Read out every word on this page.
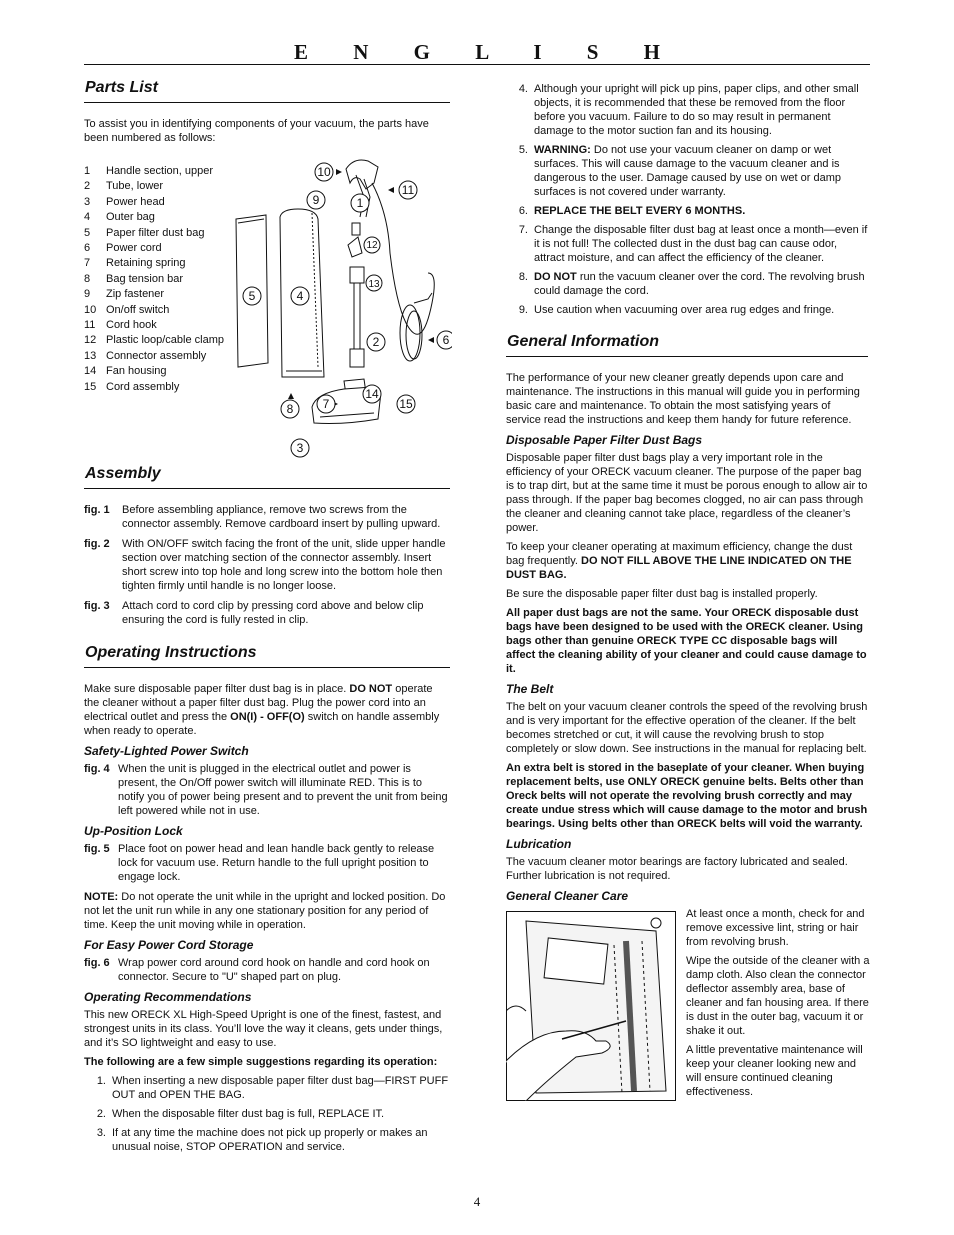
E N G L I S H
Parts List

To assist you in identifying components of your vacuum, the parts have been numbered as follows:

1	Handle section, upper
2	Tube, lower
3	Power head
4	Outer bag
5	Paper filter dust bag
6	Power cord
7	Retaining spring
8	Bag tension bar
9	Zip fastener
10 On/off switch
11 Cord hook
12 Plastic loop/cable clamp
13 Connector assembly
14 Fan housing
15 Cord assembly
10
9	1
11
12
5	4
13
2	6
8 7
14
15
3
Assembly
fig. 1	Before assembling appliance, remove two screws from the connector assembly. Remove cardboard insert by pulling upward.
fig. 2	With ON/OFF switch facing the front of the unit, slide upper handle section over matching section of the connector assembly. Insert short screw into top hole and long screw into the bottom hole then tighten firmly until handle is no longer loose.
fig. 3	Attach cord to cord clip by pressing cord above and below clip ensuring the cord is fully rested in clip.
Operating Instructions

Make sure disposable paper filter dust bag is in place. DO NOT operate the cleaner without a paper filter dust bag. Plug the power cord into an electrical outlet and press the ON(I) - OFF(O) switch on handle assembly when ready to operate.

Safety-Lighted Power Switch
fig. 4 When the unit is plugged in the electrical outlet and power is present, the On/Off power switch will illuminate RED. This is to notify you of power being present and to prevent the unit from being left powered while not in use.
Up-Position Lock
fig. 5 Place foot on power head and lean handle back gently to release lock for vacuum use. Return handle to the full upright position to engage lock.

NOTE: Do not operate the unit while in the upright and locked position. Do not let the unit run while in any one stationary position for any period of time. Keep the unit moving while in operation.

For Easy Power Cord Storage
fig. 6 Wrap power cord around cord hook on handle and cord hook on connector. Secure to "U" shaped part on plug.
Operating Recommendations

This new ORECK XL High-Speed Upright is one of the finest, fastest, and strongest units in its class. You’ll love the way it cleans, gets under things, and it’s SO lightweight and easy to use.

The following are a few simple suggestions regarding its operation:

1. When inserting a new disposable paper filter dust bag—FIRST PUFF OUT and OPEN THE BAG.
2. When the disposable filter dust bag is full, REPLACE IT.
3. If at any time the machine does not pick up properly or makes an unusual noise, STOP OPERATION and service.
4. Although your upright will pick up pins, paper clips, and other small objects, it is recommended that these be removed from the floor before you vacuum. Failure to do so may result in permanent damage to the motor suction fan and its housing.
5. WARNING: Do not use your vacuum cleaner on damp or wet surfaces. This will cause damage to the vacuum cleaner and is dangerous to the user. Damage caused by use on wet or damp surfaces is not covered under warranty.
6. REPLACE THE BELT EVERY 6 MONTHS.
7. Change the disposable filter dust bag at least once a month—even if it is not full! The collected dust in the dust bag can cause odor, attract moisture, and can affect the efficiency of the cleaner.
8. DO NOT run the vacuum cleaner over the cord. The revolving brush could damage the cord.
9. Use caution when vacuuming over area rug edges and fringe.
General Information

The performance of your new cleaner greatly depends upon care and maintenance. The instructions in this manual will guide you in performing basic care and maintenance. To obtain the most satisfying years of service read the instructions and keep them handy for future reference.

Disposable Paper Filter Dust Bags

Disposable paper filter dust bags play a very important role in the efficiency of your ORECK vacuum cleaner. The purpose of the paper bag is to trap dirt, but at the same time it must be porous enough to allow air to pass through. If the paper bag becomes clogged, no air can pass through the cleaner and cleaning cannot take place, regardless of the cleaner’s power.

To keep your cleaner operating at maximum efficiency, change the dust bag frequently. DO NOT FILL ABOVE THE LINE INDICATED ON THE DUST BAG.

Be sure the disposable paper filter dust bag is installed properly.

All paper dust bags are not the same. Your ORECK disposable dust bags have been designed to be used with the ORECK cleaner. Using bags other than genuine ORECK TYPE CC disposable bags will affect the cleaning ability of your cleaner and could cause damage to it.

The Belt

The belt on your vacuum cleaner controls the speed of the revolving brush and is very important for the effective operation of the cleaner. If the belt becomes stretched or cut, it will cause the revolving brush to stop completely or slow down. See instructions in the manual for replacing belt.

An extra belt is stored in the baseplate of your cleaner. When buying replacement belts, use ONLY ORECK genuine belts. Belts other than Oreck belts will not operate the revolving brush correctly and may create undue stress which will cause damage to the motor and brush bearings. Using belts other than ORECK belts will void the warranty.

Lubrication

The vacuum cleaner motor bearings are factory lubricated and sealed. Further lubrication is not required.

General Cleaner Care

At least once a month, check for and remove excessive lint, string or hair from revolving brush.

Wipe the outside of the cleaner with a damp cloth. Also clean the connector deflector assembly area, base of cleaner and fan housing area. If there is dust in the outer bag, vacuum it or shake it out.

A little preventative maintenance will keep your cleaner looking new and will ensure continued cleaning effectiveness.

4
